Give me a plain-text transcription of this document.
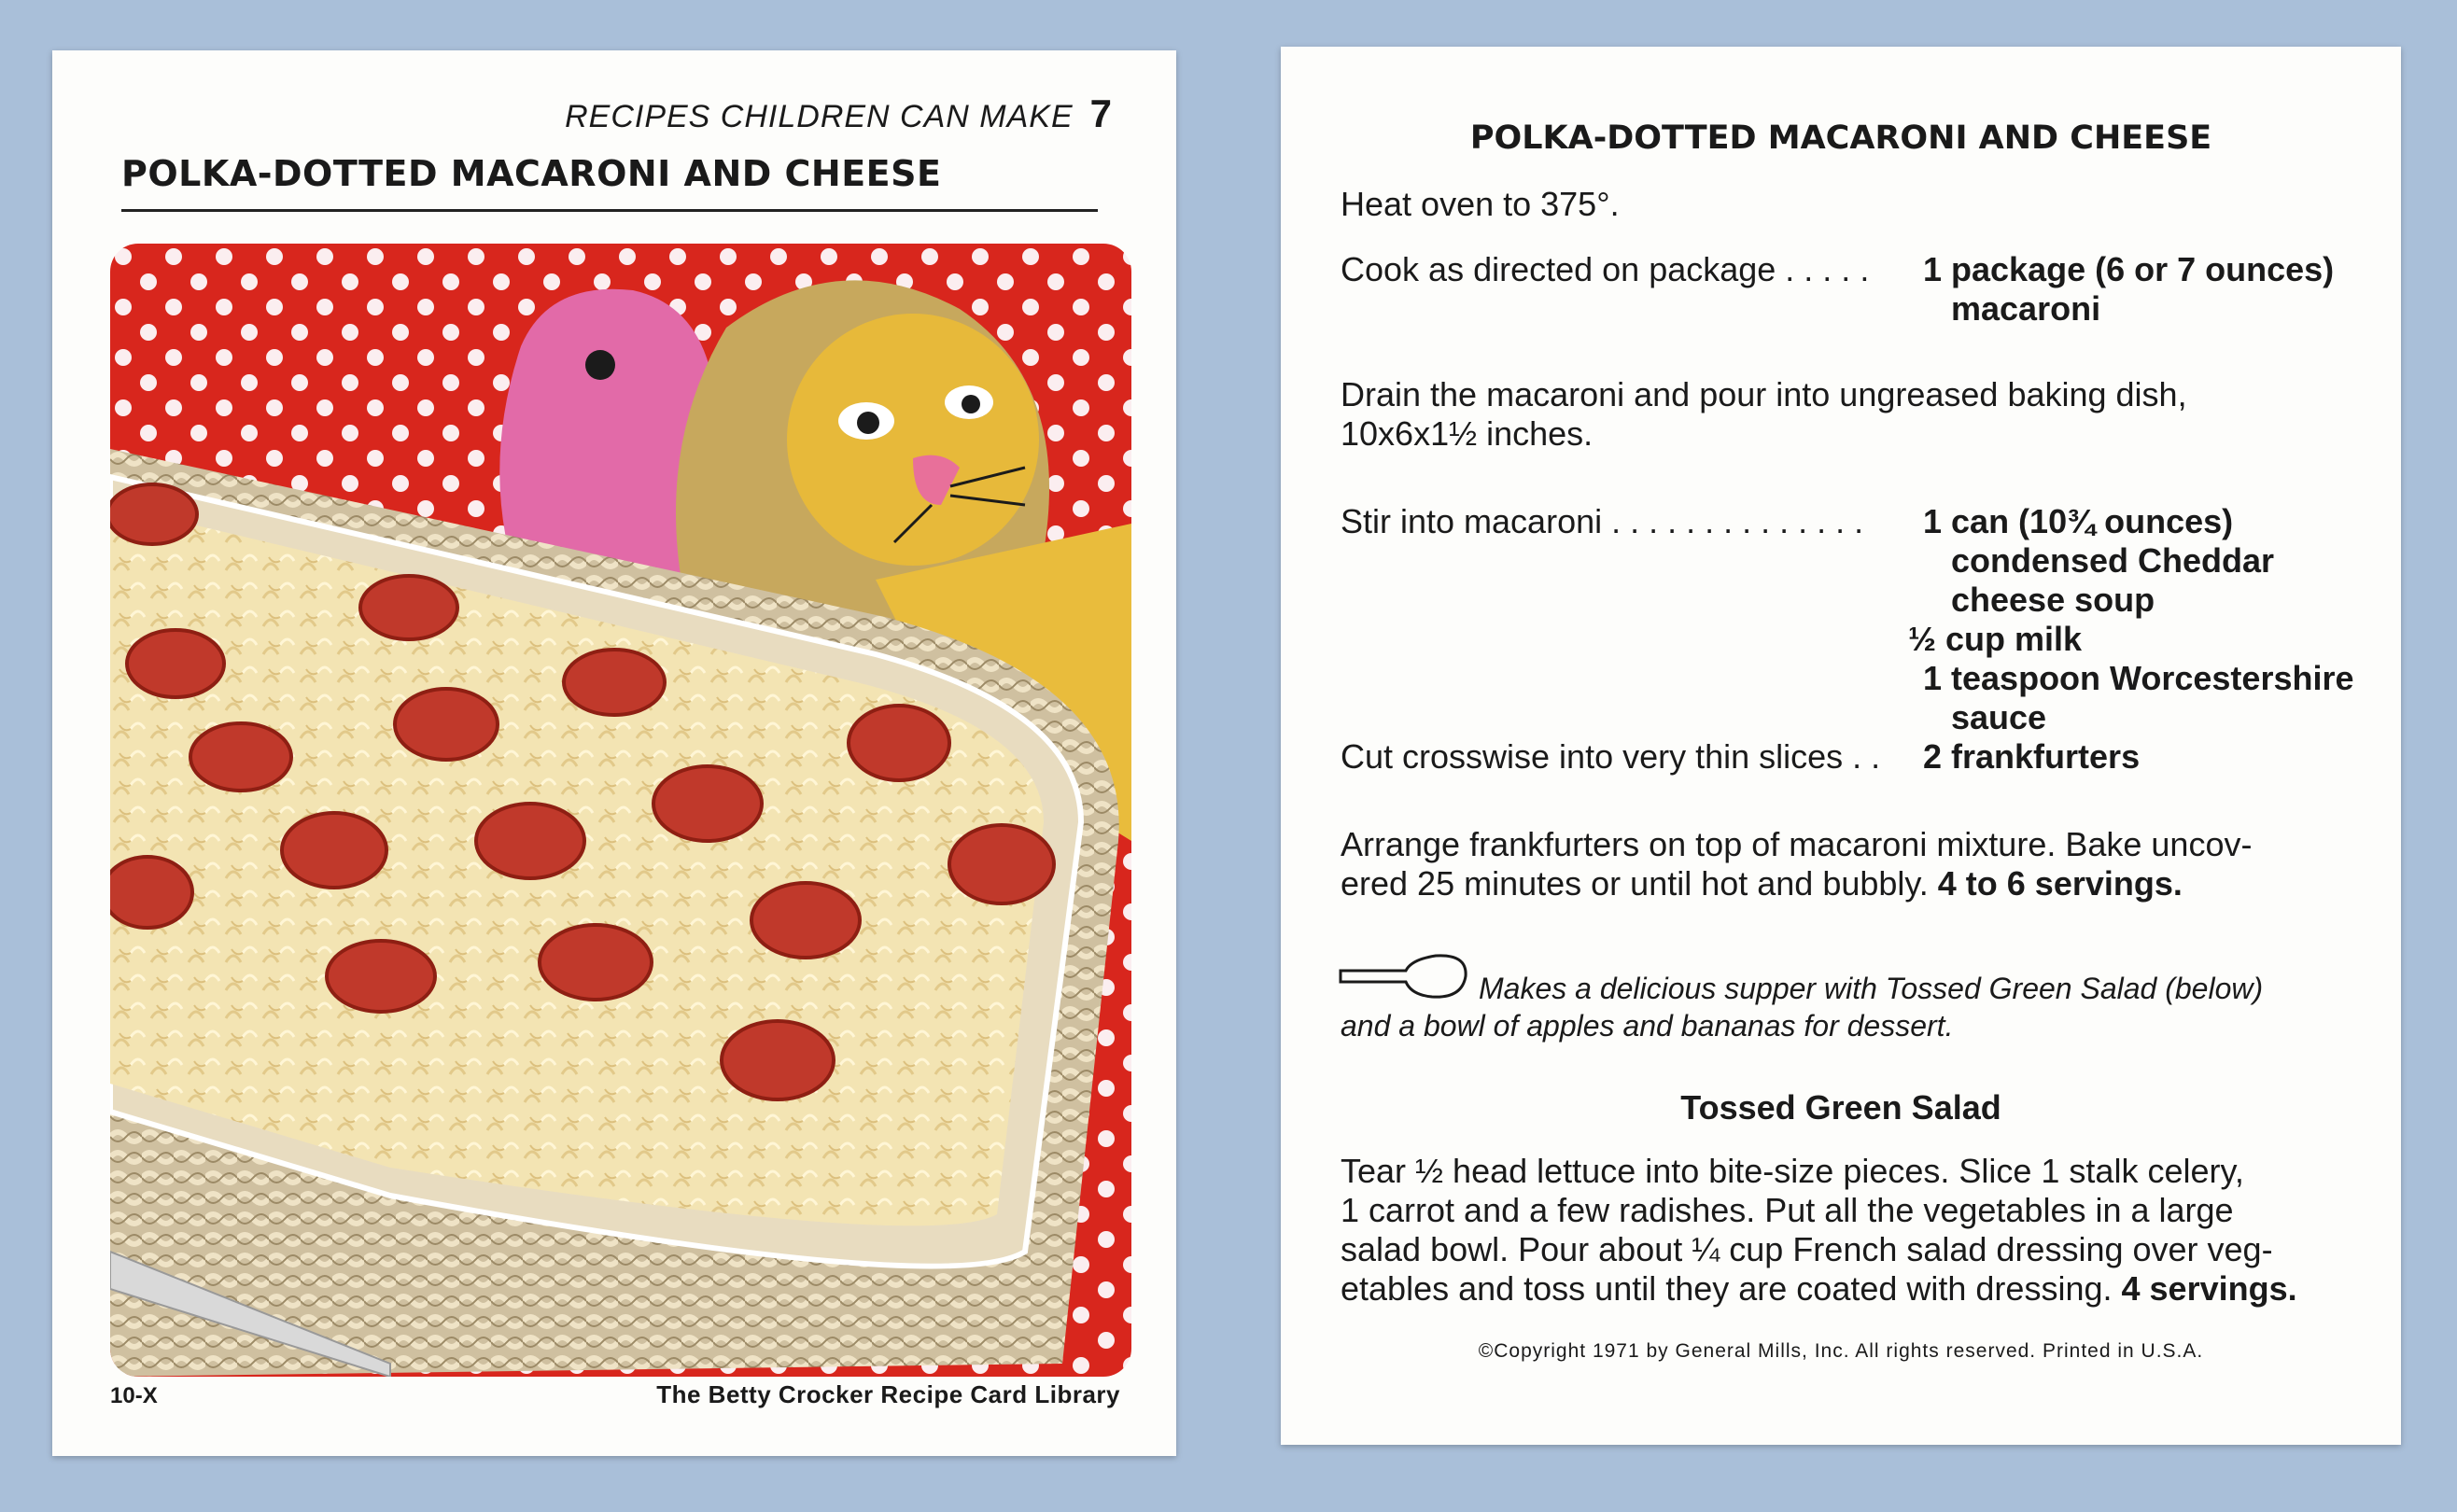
RECIPES CHILDREN CAN MAKE 7
POLKA-DOTTED MACARONI AND CHEESE
10-X	The Betty Crocker Recipe Card Library
POLKA-DOTTED MACARONI AND CHEESE
Heat oven to 375°.
Cook as directed on package . . . . . 1 package (6 or 7 ounces)
macaroni
Drain the macaroni and pour into ungreased baking dish,
10x6x1½ inches.
Stir into macaroni . . . . . . . . . . . . . . 1 can (10¾ ounces)
condensed Cheddar
cheese soup
½ cup milk
1 teaspoon Worcestershire
sauce
Cut crosswise into very thin slices . . 2 frankfurters
Arrange frankfurters on top of macaroni mixture. Bake uncov-
ered 25 minutes or until hot and bubbly. 4 to 6 servings.
Makes a delicious supper with Tossed Green Salad (below)
and a bowl of apples and bananas for dessert.
Tossed Green Salad
Tear ½ head lettuce into bite-size pieces. Slice 1 stalk celery,
1 carrot and a few radishes. Put all the vegetables in a large
salad bowl. Pour about ¼ cup French salad dressing over veg-
etables and toss until they are coated with dressing. 4 servings.
©Copyright 1971 by General Mills, Inc. All rights reserved. Printed in U.S.A.
